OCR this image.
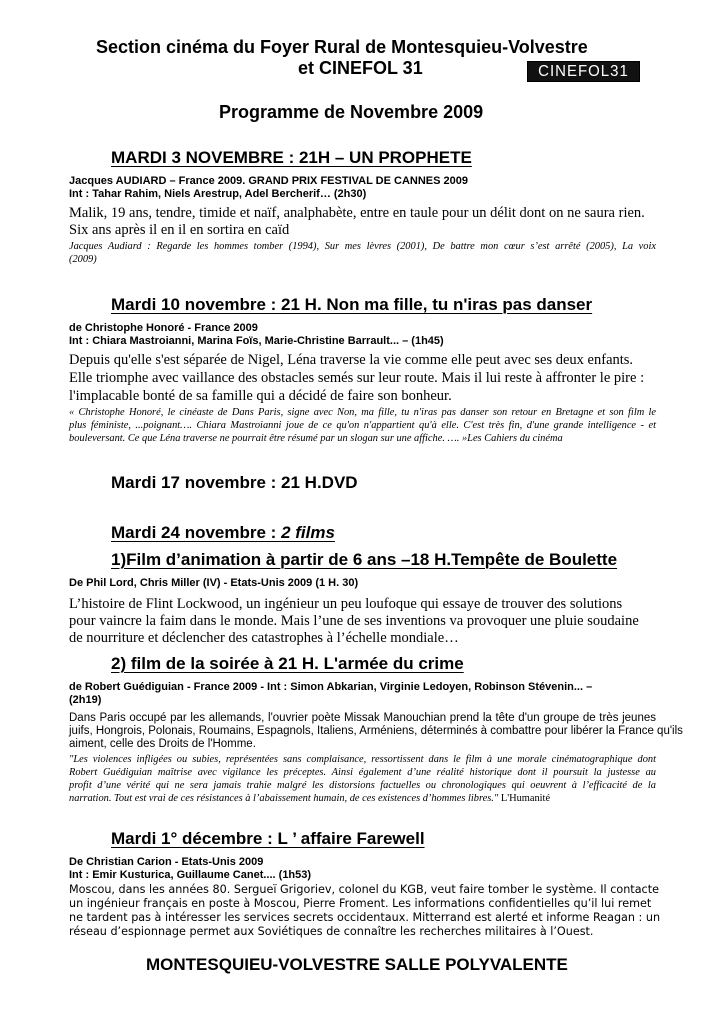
Section cinéma du Foyer Rural de Montesquieu-Volvestre
et CINEFOL 31	CINEFOL31
Programme de Novembre 2009
MARDI 3 NOVEMBRE : 21H – UN PROPHETE
Jacques AUDIARD – France 2009. GRAND PRIX FESTIVAL DE CANNES 2009
Int : Tahar Rahim, Niels Arestrup, Adel Bercherif… (2h30)
Malik, 19 ans, tendre, timide et naïf, analphabète, entre en taule pour un délit dont on ne saura rien.
Six ans après il en il en sortira en caïd
Jacques Audiard : Regarde les hommes tomber (1994), Sur mes lèvres (2001), De battre mon cœur s’est arrêté (2005), La voix
(2009)
Mardi 10 novembre : 21 H. Non ma fille, tu n'iras pas danser
de Christophe Honoré - France 2009
Int : Chiara Mastroianni, Marina Foïs, Marie-Christine Barrault... – (1h45)
Depuis qu'elle s'est séparée de Nigel, Léna traverse la vie comme elle peut avec ses deux enfants.
Elle triomphe avec vaillance des obstacles semés sur leur route. Mais il lui reste à affronter le pire :
l'implacable bonté de sa famille qui a décidé de faire son bonheur.
« Christophe Honoré, le cinéaste de Dans Paris, signe avec Non, ma fille, tu n'iras pas danser son retour en Bretagne et son film le
plus féministe, ...poignant…. Chiara Mastroianni joue de ce qu'on n'appartient qu'à elle. C'est très fin, d'une grande intelligence - et
bouleversant. Ce que Léna traverse ne pourrait être résumé par un slogan sur une affiche. …. »Les Cahiers du cinéma
Mardi 17 novembre : 21 H.DVD
Mardi 24 novembre : 2 films
1)Film d’animation à partir de 6 ans –18 H.Tempête de Boulette
De Phil Lord, Chris Miller (IV) - Etats-Unis 2009 (1 H. 30)
L’histoire de Flint Lockwood, un ingénieur un peu loufoque qui essaye de trouver des solutions
pour vaincre la faim dans le monde. Mais l’une de ses inventions va provoquer une pluie soudaine
de nourriture et déclencher des catastrophes à l’échelle mondiale…
2) film de la soirée à 21 H. L'armée du crime
de Robert Guédiguian - France 2009 - Int : Simon Abkarian, Virginie Ledoyen, Robinson Stévenin... –
(2h19)
Dans Paris occupé par les allemands, l'ouvrier poète Missak Manouchian prend la tête d'un groupe de très jeunes
juifs, Hongrois, Polonais, Roumains, Espagnols, Italiens, Arméniens, déterminés à combattre pour libérer la France qu'ils
aiment, celle des Droits de l'Homme.
"Les violences infligées ou subies, représentées sans complaisance, ressortissent dans le film à une morale cinématographique dont
Robert Guédiguian maîtrise avec vigilance les préceptes. Ainsi également d’une réalité historique dont il poursuit la justesse au
profit d’une vérité qui ne sera jamais trahie malgré les distorsions factuelles ou chronologiques qui oeuvrent à l’efficacité de la
narration. Tout est vrai de ces résistances à l’abaissement humain, de ces existences d’hommes libres." L'Humanité
Mardi 1° décembre : L ’ affaire Farewell
De Christian Carion - Etats-Unis 2009
Int : Emir Kusturica, Guillaume Canet.... (1h53)
Moscou, dans les années 80. Sergueï Grigoriev, colonel du KGB, veut faire tomber le système. Il contacte
un ingénieur français en poste à Moscou, Pierre Froment. Les informations confidentielles qu’il lui remet
ne tardent pas à intéresser les services secrets occidentaux. Mitterrand est alerté et informe Reagan : un
réseau d’espionnage permet aux Soviétiques de connaître les recherches militaires à l’Ouest.
MONTESQUIEU-VOLVESTRE SALLE POLYVALENTE
